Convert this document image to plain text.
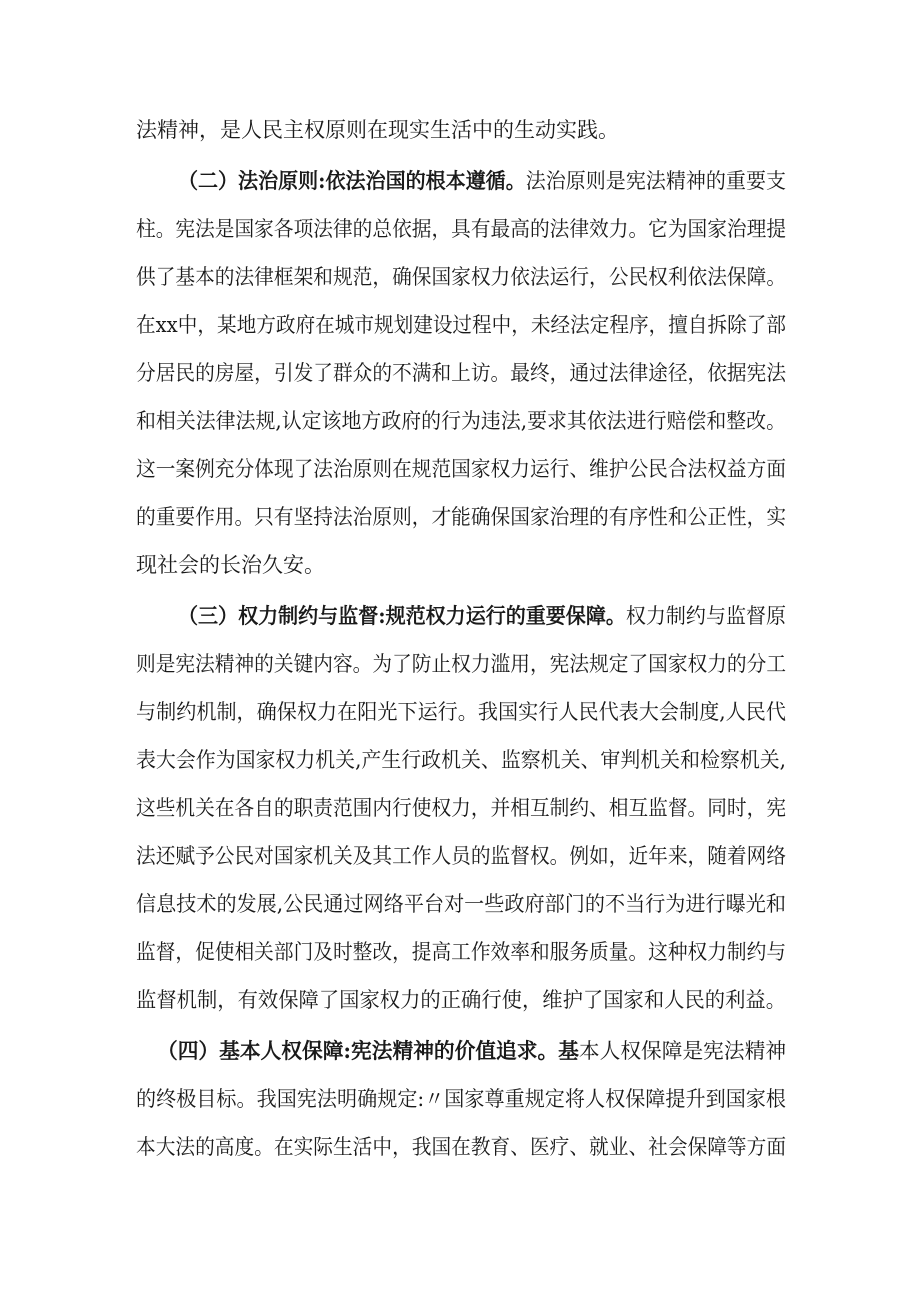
法精神，是人民主权原则在现实生活中的生动实践。
（二）法治原则:依法治国的根本遵循。法治原则是宪法精神的重要支
柱。宪法是国家各项法律的总依据，具有最高的法律效力。它为国家治理提
供了基本的法律框架和规范，确保国家权力依法运行，公民权利依法保障。
在xx中，某地方政府在城市规划建设过程中，未经法定程序，擅自拆除了部
分居民的房屋，引发了群众的不满和上访。最终，通过法律途径，依据宪法
和相关法律法规,认定该地方政府的行为违法,要求其依法进行赔偿和整改。
这一案例充分体现了法治原则在规范国家权力运行、维护公民合法权益方面
的重要作用。只有坚持法治原则，才能确保国家治理的有序性和公正性，实
现社会的长治久安。
（三）权力制约与监督:规范权力运行的重要保障。权力制约与监督原
则是宪法精神的关键内容。为了防止权力滥用，宪法规定了国家权力的分工
与制约机制，确保权力在阳光下运行。我国实行人民代表大会制度,人民代
表大会作为国家权力机关,产生行政机关、监察机关、审判机关和检察机关,
这些机关在各自的职责范围内行使权力，并相互制约、相互监督。同时，宪
法还赋予公民对国家机关及其工作人员的监督权。例如，近年来，随着网络
信息技术的发展,公民通过网络平台对一些政府部门的不当行为进行曝光和
监督，促使相关部门及时整改，提高工作效率和服务质量。这种权力制约与
监督机制，有效保障了国家权力的正确行使，维护了国家和人民的利益。
（四）基本人权保障:宪法精神的价值追求。基本人权保障是宪法精神
的终极目标。我国宪法明确规定:〃国家尊重规定将人权保障提升到国家根
本大法的高度。在实际生活中，我国在教育、医疗、就业、社会保障等方面
